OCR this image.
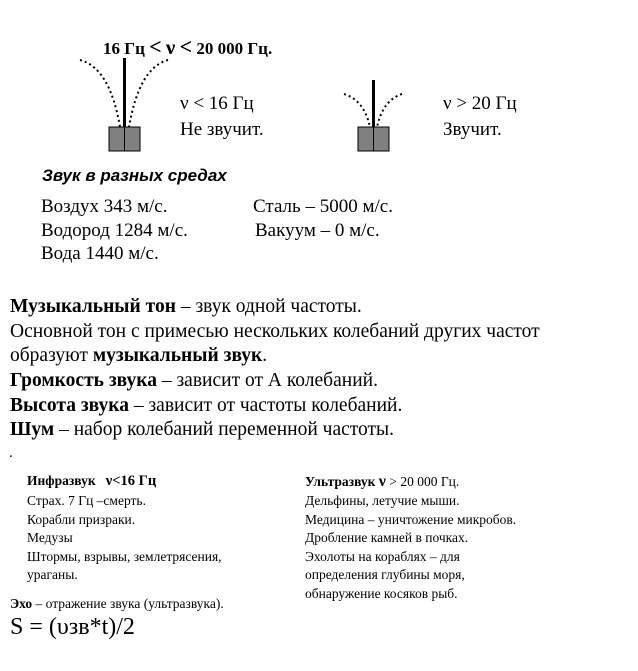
16 Гц < ν < 20 000 Гц.
ν < 16 Гц
Не звучит.
ν > 20 Гц
Звучит.
Звук в разных средах
Воздух 343 м/с.	Сталь – 5000 м/с.
Водород 1284 м/с.	Вакуум – 0 м/с.
Вода 1440 м/с.
Музыкальный тон – звук одной частоты.
Основной тон с примесью нескольких колебаний других частот
образуют музыкальный звук.
Громкость звука – зависит от А колебаний.
Высота звука – зависит от частоты колебаний.
Шум – набор колебаний переменной частоты.
.
Инфразвук ν<16 Гц
Страх. 7 Гц –смерть.
Корабли призраки.
Медузы
Штормы, взрывы, землетрясения,
ураганы.
Ультразвук ν > 20 000 Гц.
Дельфины, летучие мыши.
Медицина – уничтожение микробов.
Дробление камней в почках.
Эхолоты на кораблях – для
определения глубины моря,
обнаружение косяков рыб.
Эхо – отражение звука (ультразвука).
S = (υзв*t)/2
